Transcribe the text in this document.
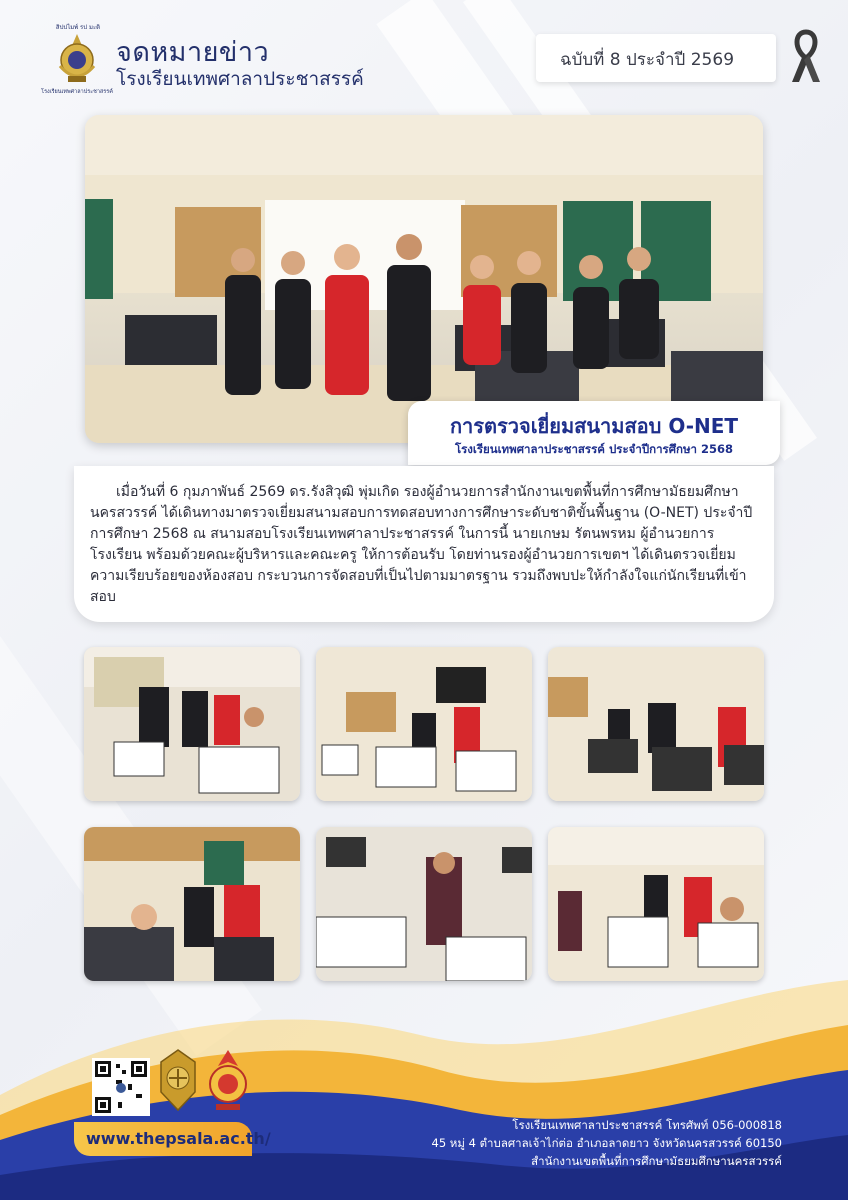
สิปปไมพ์ รป มะติ
โรงเรียนเทพศาลาประชาสรรค์
จดหมายข่าว
โรงเรียนเทพศาลาประชาสรรค์
ฉบับที่ 8 ประจำปี 2569
การตรวจเยี่ยมสนามสอบ O-NET
โรงเรียนเทพศาลาประชาสรรค์ ประจำปีการศึกษา 2568
เมื่อวันที่ 6 กุมภาพันธ์ 2569 ดร.รังสิวุฒิ พุ่มเกิด รองผู้อำนวยการสำนักงานเขตพื้นที่การศึกษามัธยมศึกษา นครสวรรค์ ได้เดินทางมาตรวจเยี่ยมสนามสอบการทดสอบทางการศึกษาระดับชาติขั้นพื้นฐาน (O-NET) ประจำปี การศึกษา 2568 ณ สนามสอบโรงเรียนเทพศาลาประชาสรรค์ ในการนี้ นายเกษม รัตนพรหม ผู้อำนวยการ โรงเรียน พร้อมด้วยคณะผู้บริหารและคณะครู ให้การต้อนรับ โดยท่านรองผู้อำนวยการเขตฯ ได้เดินตรวจเยี่ยม ความเรียบร้อยของห้องสอบ กระบวนการจัดสอบที่เป็นไปตามมาตรฐาน รวมถึงพบปะให้กำลังใจแก่นักเรียนที่เข้า สอบ
www.thepsala.ac.th/
โรงเรียนเทพศาลาประชาสรรค์ โทรศัพท์ 056-000818
45 หมู่ 4 ตำบลศาลเจ้าไก่ต่อ อำเภอลาดยาว จังหวัดนครสวรรค์ 60150
สำนักงานเขตพื้นที่การศึกษามัธยมศึกษานครสวรรค์
